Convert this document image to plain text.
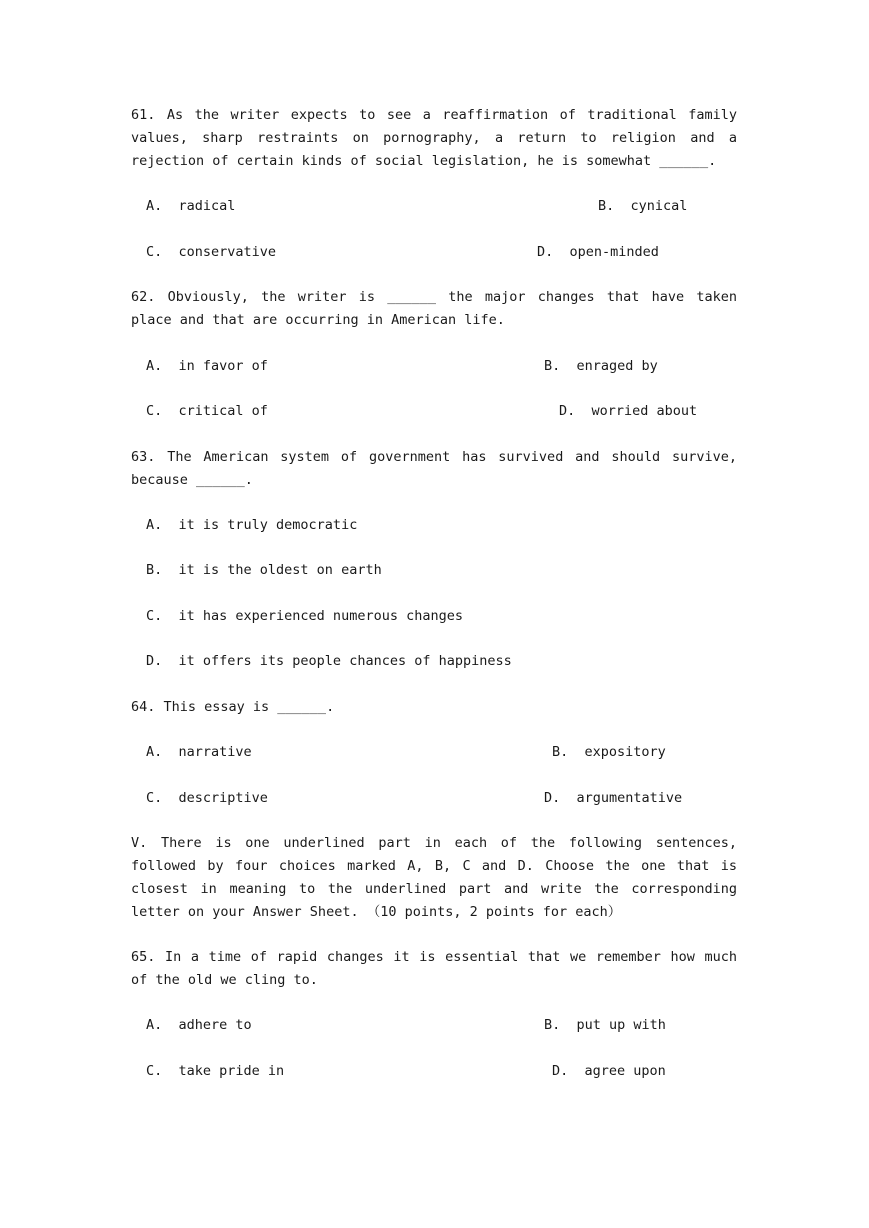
61. As the writer expects to see a reaffirmation of traditional family values, sharp restraints on pornography, a return to religion and a rejection of certain kinds of social legislation, he is somewhat ______.

A.  radical	B.  cynical
C.  conservative	D.  open-minded

62. Obviously, the writer is ______ the major changes that have taken place and that are occurring in American life.

A.  in favor of	B.  enraged by
C.  critical of	D.  worried about

63. The American system of government has survived and should survive, because ______.

A.  it is truly democratic
B.  it is the oldest on earth
C.  it has experienced numerous changes
D.  it offers its people chances of happiness

64. This essay is ______.

A.  narrative	B.  expository
C.  descriptive	D.  argumentative

V. There is one underlined part in each of the following sentences, followed by four choices marked A, B, C and D. Choose the one that is closest in meaning to the underlined part and write the corresponding letter on your Answer Sheet. （10 points, 2 points for each）

65. In a time of rapid changes it is essential that we remember how much of the old we cling to.

A.  adhere to	B.  put up with
C.  take pride in	D.  agree upon
